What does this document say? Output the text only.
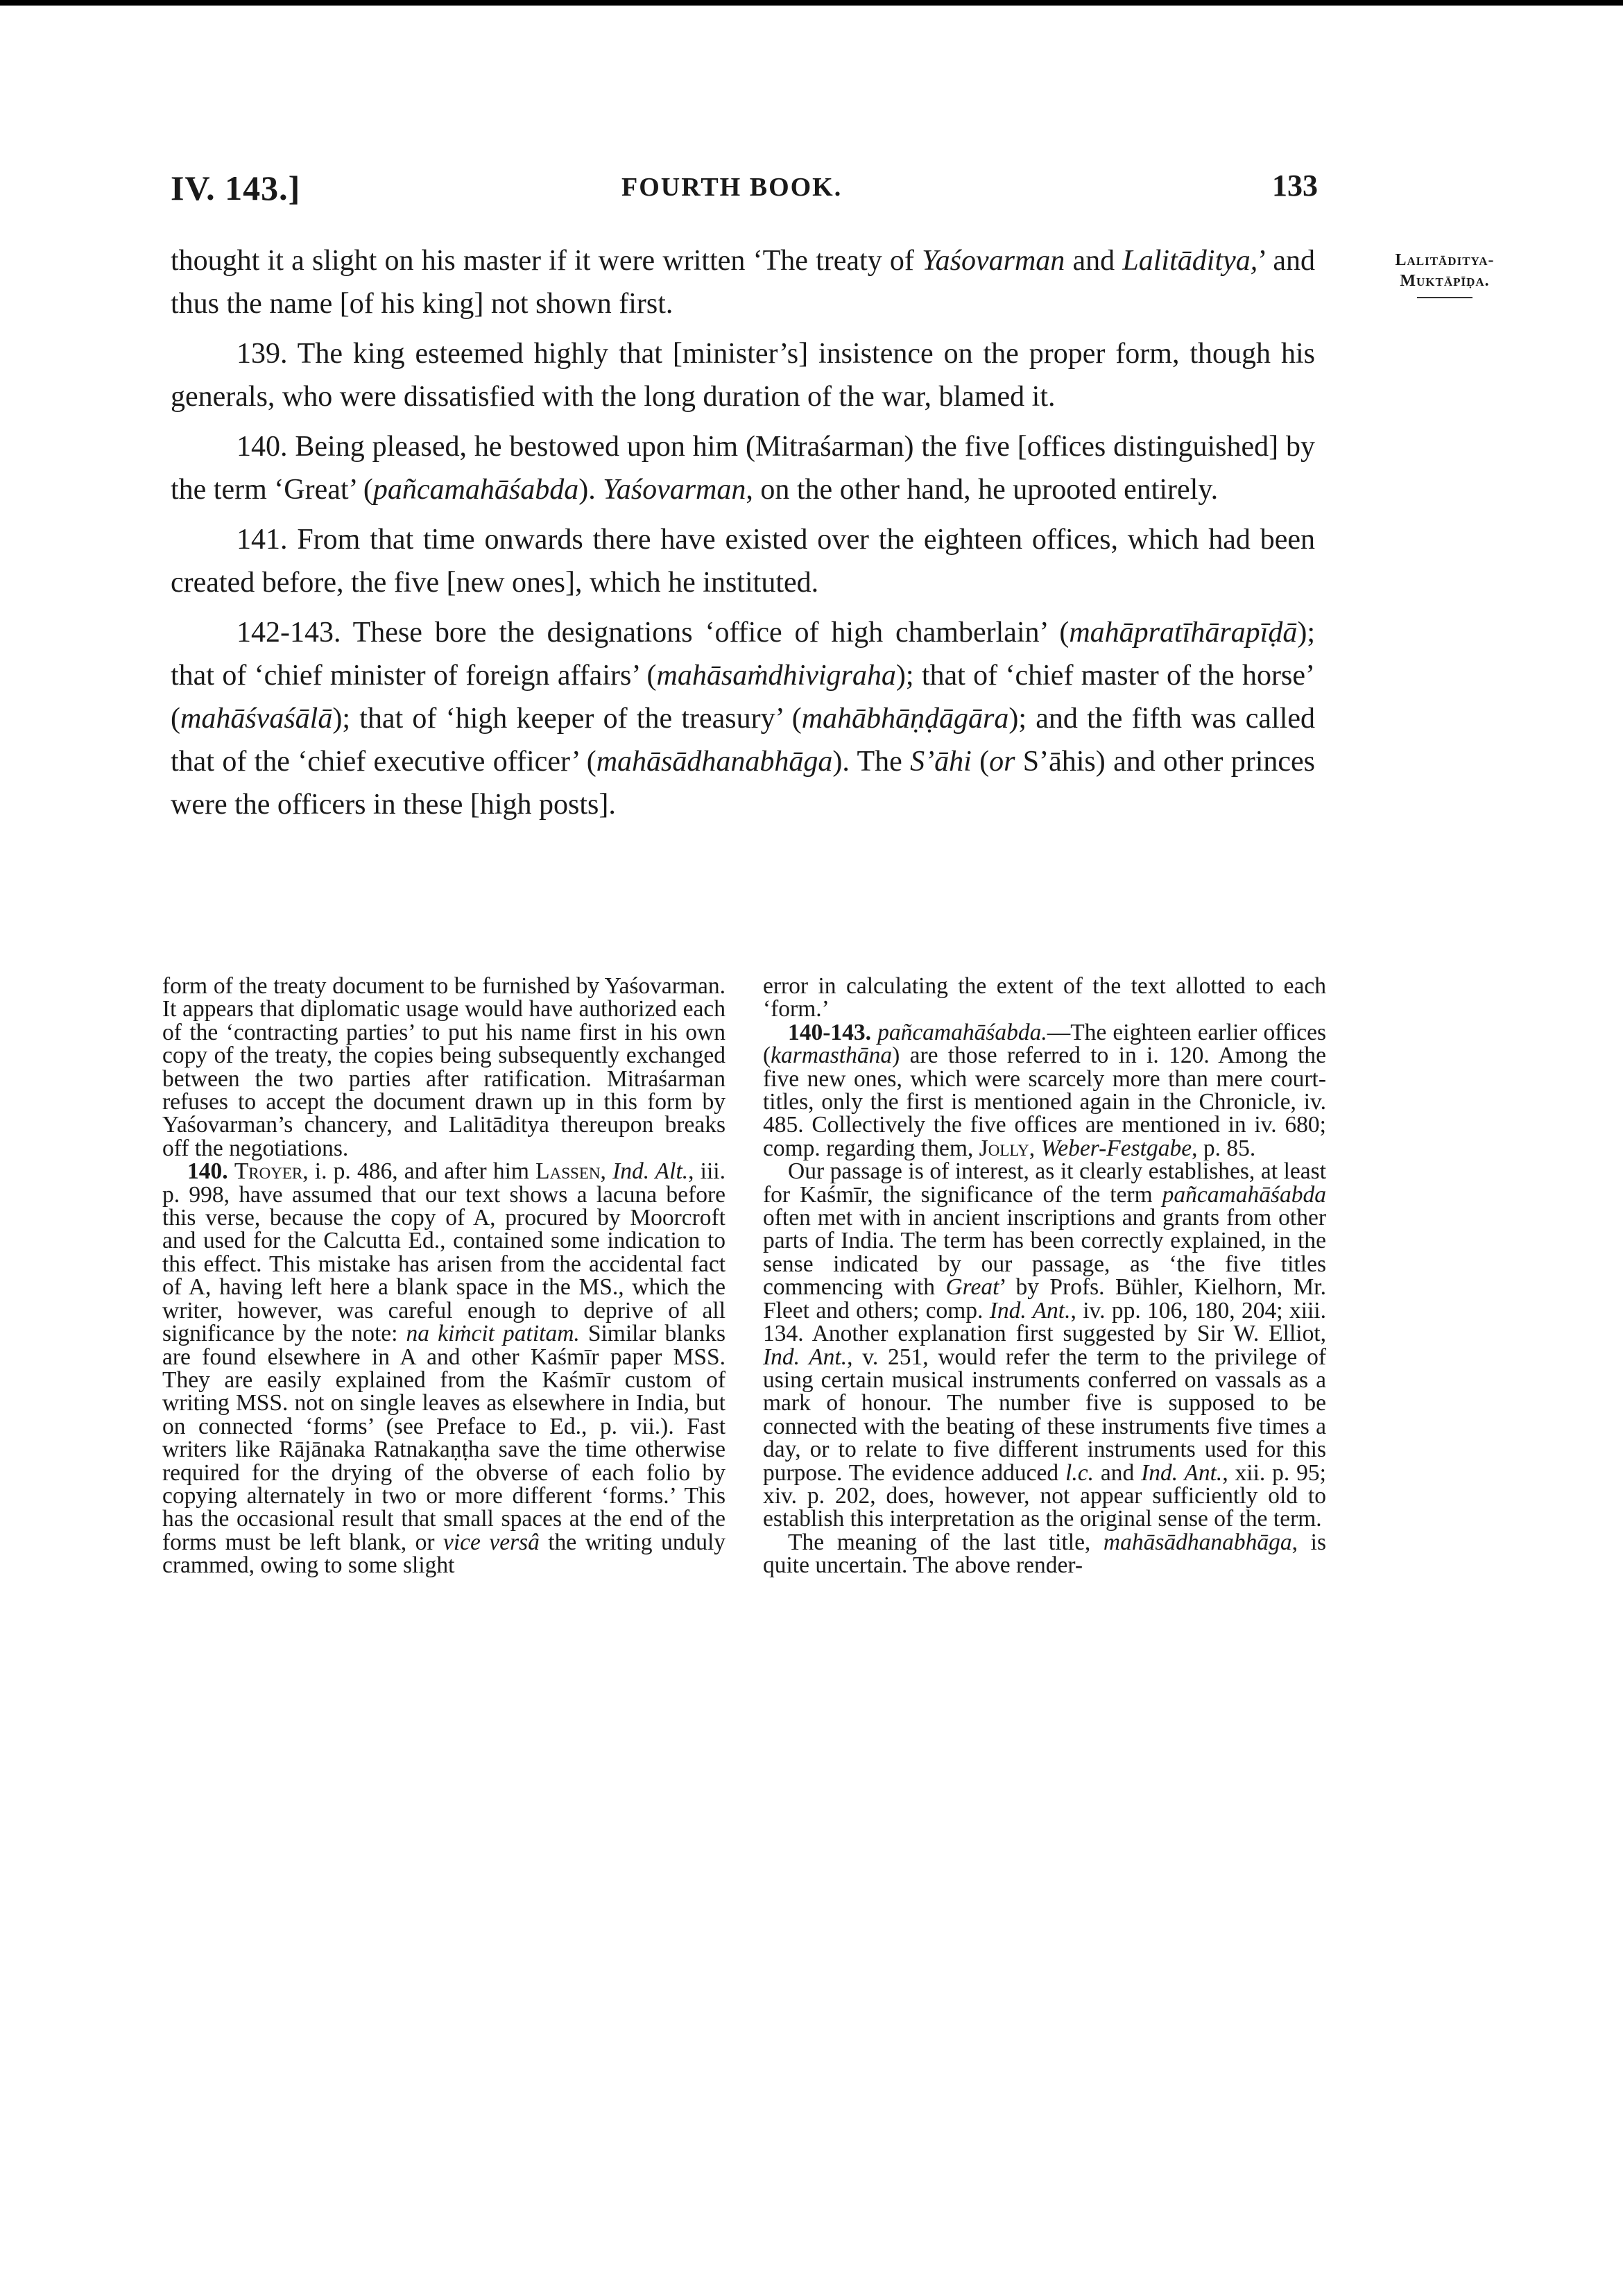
IV. 143.]	FOURTH BOOK.	133
Lalitāditya-
Muktāpīḍa.

thought it a slight on his master if it were written ‘The treaty of Yaśovarman and Lalitāditya,’ and thus the name [of his king] not shown first.

139. The king esteemed highly that [minister’s] insistence on the proper form, though his generals, who were dissatisfied with the long duration of the war, blamed it.

140. Being pleased, he bestowed upon him (Mitraśarman) the five [offices distinguished] by the term ‘Great’ (pañcamahāśabda). Yaśovarman, on the other hand, he uprooted entirely.

141. From that time onwards there have existed over the eighteen offices, which had been created before, the five [new ones], which he instituted.

142-143. These bore the designations ‘office of high chamberlain’ (mahāpratīhārapīḍā); that of ‘chief minister of foreign affairs’ (mahāsaṁdhivigraha); that of ‘chief master of the horse’ (mahāśvaśālā); that of ‘high keeper of the treasury’ (mahābhāṇḍāgāra); and the fifth was called that of the ‘chief executive officer’ (mahāsādhanabhāga). The S’āhi (or S’āhis) and other princes were the officers in these [high posts].

form of the treaty document to be furnished by Yaśovarman. It appears that diplomatic usage would have authorized each of the ‘contracting parties’ to put his name first in his own copy of the treaty, the copies being subsequently exchanged between the two parties after ratification. Mitraśarman refuses to accept the document drawn up in this form by Yaśovarman’s chancery, and Lalitāditya thereupon breaks off the negotiations.

140. Troyer, i. p. 486, and after him Lassen, Ind. Alt., iii. p. 998, have assumed that our text shows a lacuna before this verse, because the copy of A, procured by Moorcroft and used for the Calcutta Ed., contained some indication to this effect. This mistake has arisen from the accidental fact of A, having left here a blank space in the MS., which the writer, however, was careful enough to deprive of all significance by the note: na kiṁcit patitam. Similar blanks are found elsewhere in A and other Kaśmīr paper MSS. They are easily explained from the Kaśmīr custom of writing MSS. not on single leaves as elsewhere in India, but on connected ‘forms’ (see Preface to Ed., p. vii.). Fast writers like Rājānaka Ratnakaṇṭha save the time otherwise required for the drying of the obverse of each folio by copying alternately in two or more different ‘forms.’ This has the occasional result that small spaces at the end of the forms must be left blank, or vice versâ the writing unduly crammed, owing to some slight

error in calculating the extent of the text allotted to each ‘form.’

140-143. pañcamahāśabda.—The eighteen earlier offices (karmasthāna) are those referred to in i. 120. Among the five new ones, which were scarcely more than mere court-titles, only the first is mentioned again in the Chronicle, iv. 485. Collectively the five offices are mentioned in iv. 680; comp. regarding them, Jolly, Weber-Festgabe, p. 85.

Our passage is of interest, as it clearly establishes, at least for Kaśmīr, the significance of the term pañcamahāśabda often met with in ancient inscriptions and grants from other parts of India. The term has been correctly explained, in the sense indicated by our passage, as ‘the five titles commencing with Great’ by Profs. Bühler, Kielhorn, Mr. Fleet and others; comp. Ind. Ant., iv. pp. 106, 180, 204; xiii. 134. Another explanation first suggested by Sir W. Elliot, Ind. Ant., v. 251, would refer the term to the privilege of using certain musical instruments conferred on vassals as a mark of honour. The number five is supposed to be connected with the beating of these instruments five times a day, or to relate to five different instruments used for this purpose. The evidence adduced l.c. and Ind. Ant., xii. p. 95; xiv. p. 202, does, however, not appear sufficiently old to establish this interpretation as the original sense of the term.

The meaning of the last title, mahāsādhanabhāga, is quite uncertain. The above render-
